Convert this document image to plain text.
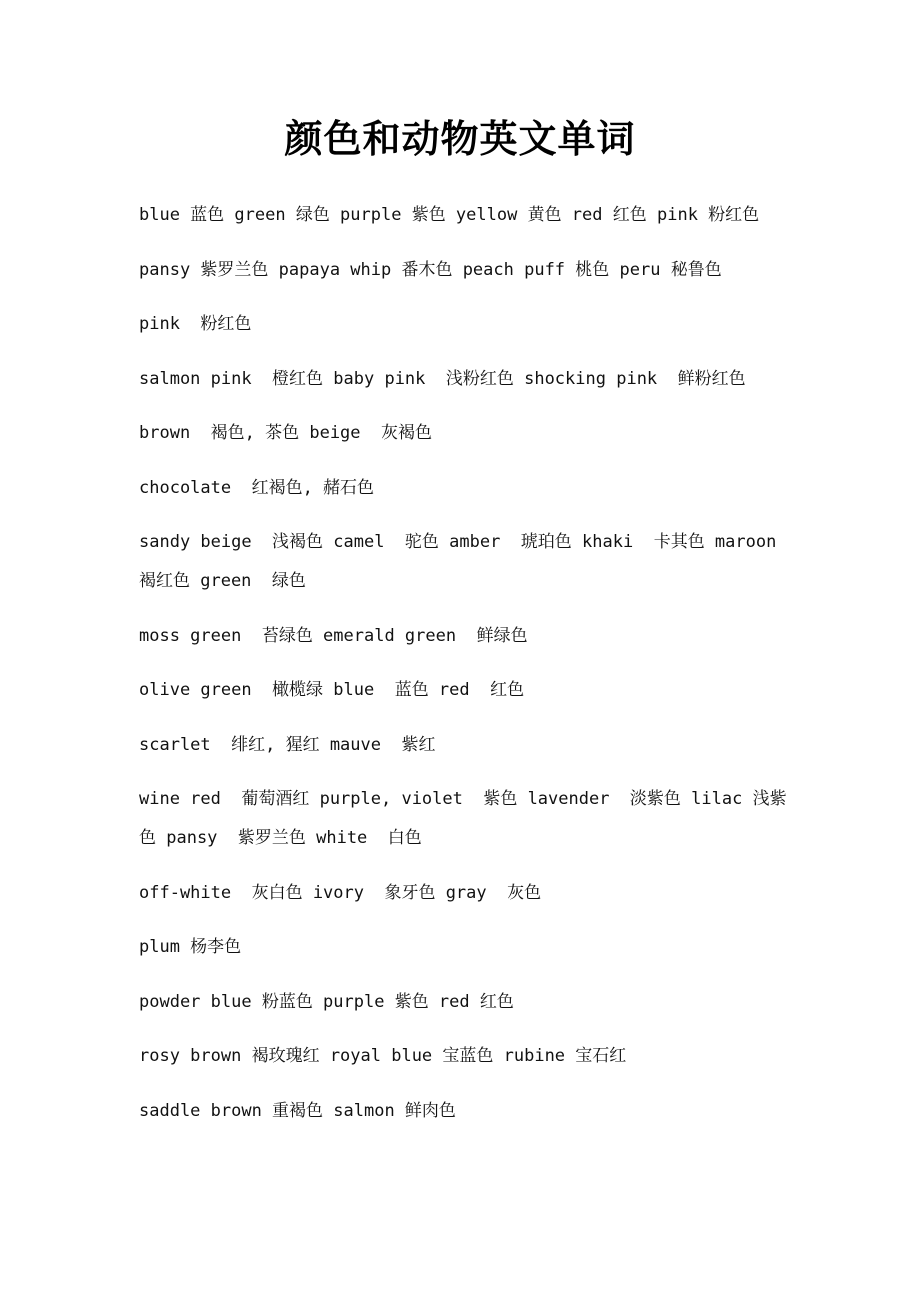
颜色和动物英文单词

blue 蓝色 green 绿色 purple 紫色 yellow 黄色 red 红色 pink 粉红色

pansy 紫罗兰色 papaya whip 番木色 peach puff 桃色 peru 秘鲁色

pink  粉红色

salmon pink  橙红色 baby pink  浅粉红色 shocking pink  鲜粉红色

brown  褐色, 茶色 beige  灰褐色

chocolate  红褐色, 赭石色

sandy beige  浅褐色 camel  驼色 amber  琥珀色 khaki  卡其色 maroon  褐红色 green  绿色

moss green  苔绿色 emerald green  鲜绿色

olive green  橄榄绿 blue  蓝色 red  红色

scarlet  绯红, 猩红 mauve  紫红

wine red  葡萄酒红 purple, violet  紫色 lavender  淡紫色 lilac 浅紫色 pansy  紫罗兰色 white  白色

off-white  灰白色 ivory  象牙色 gray  灰色

plum 杨李色

powder blue 粉蓝色 purple 紫色 red 红色

rosy brown 褐玫瑰红 royal blue 宝蓝色 rubine 宝石红

saddle brown 重褐色 salmon 鲜肉色
